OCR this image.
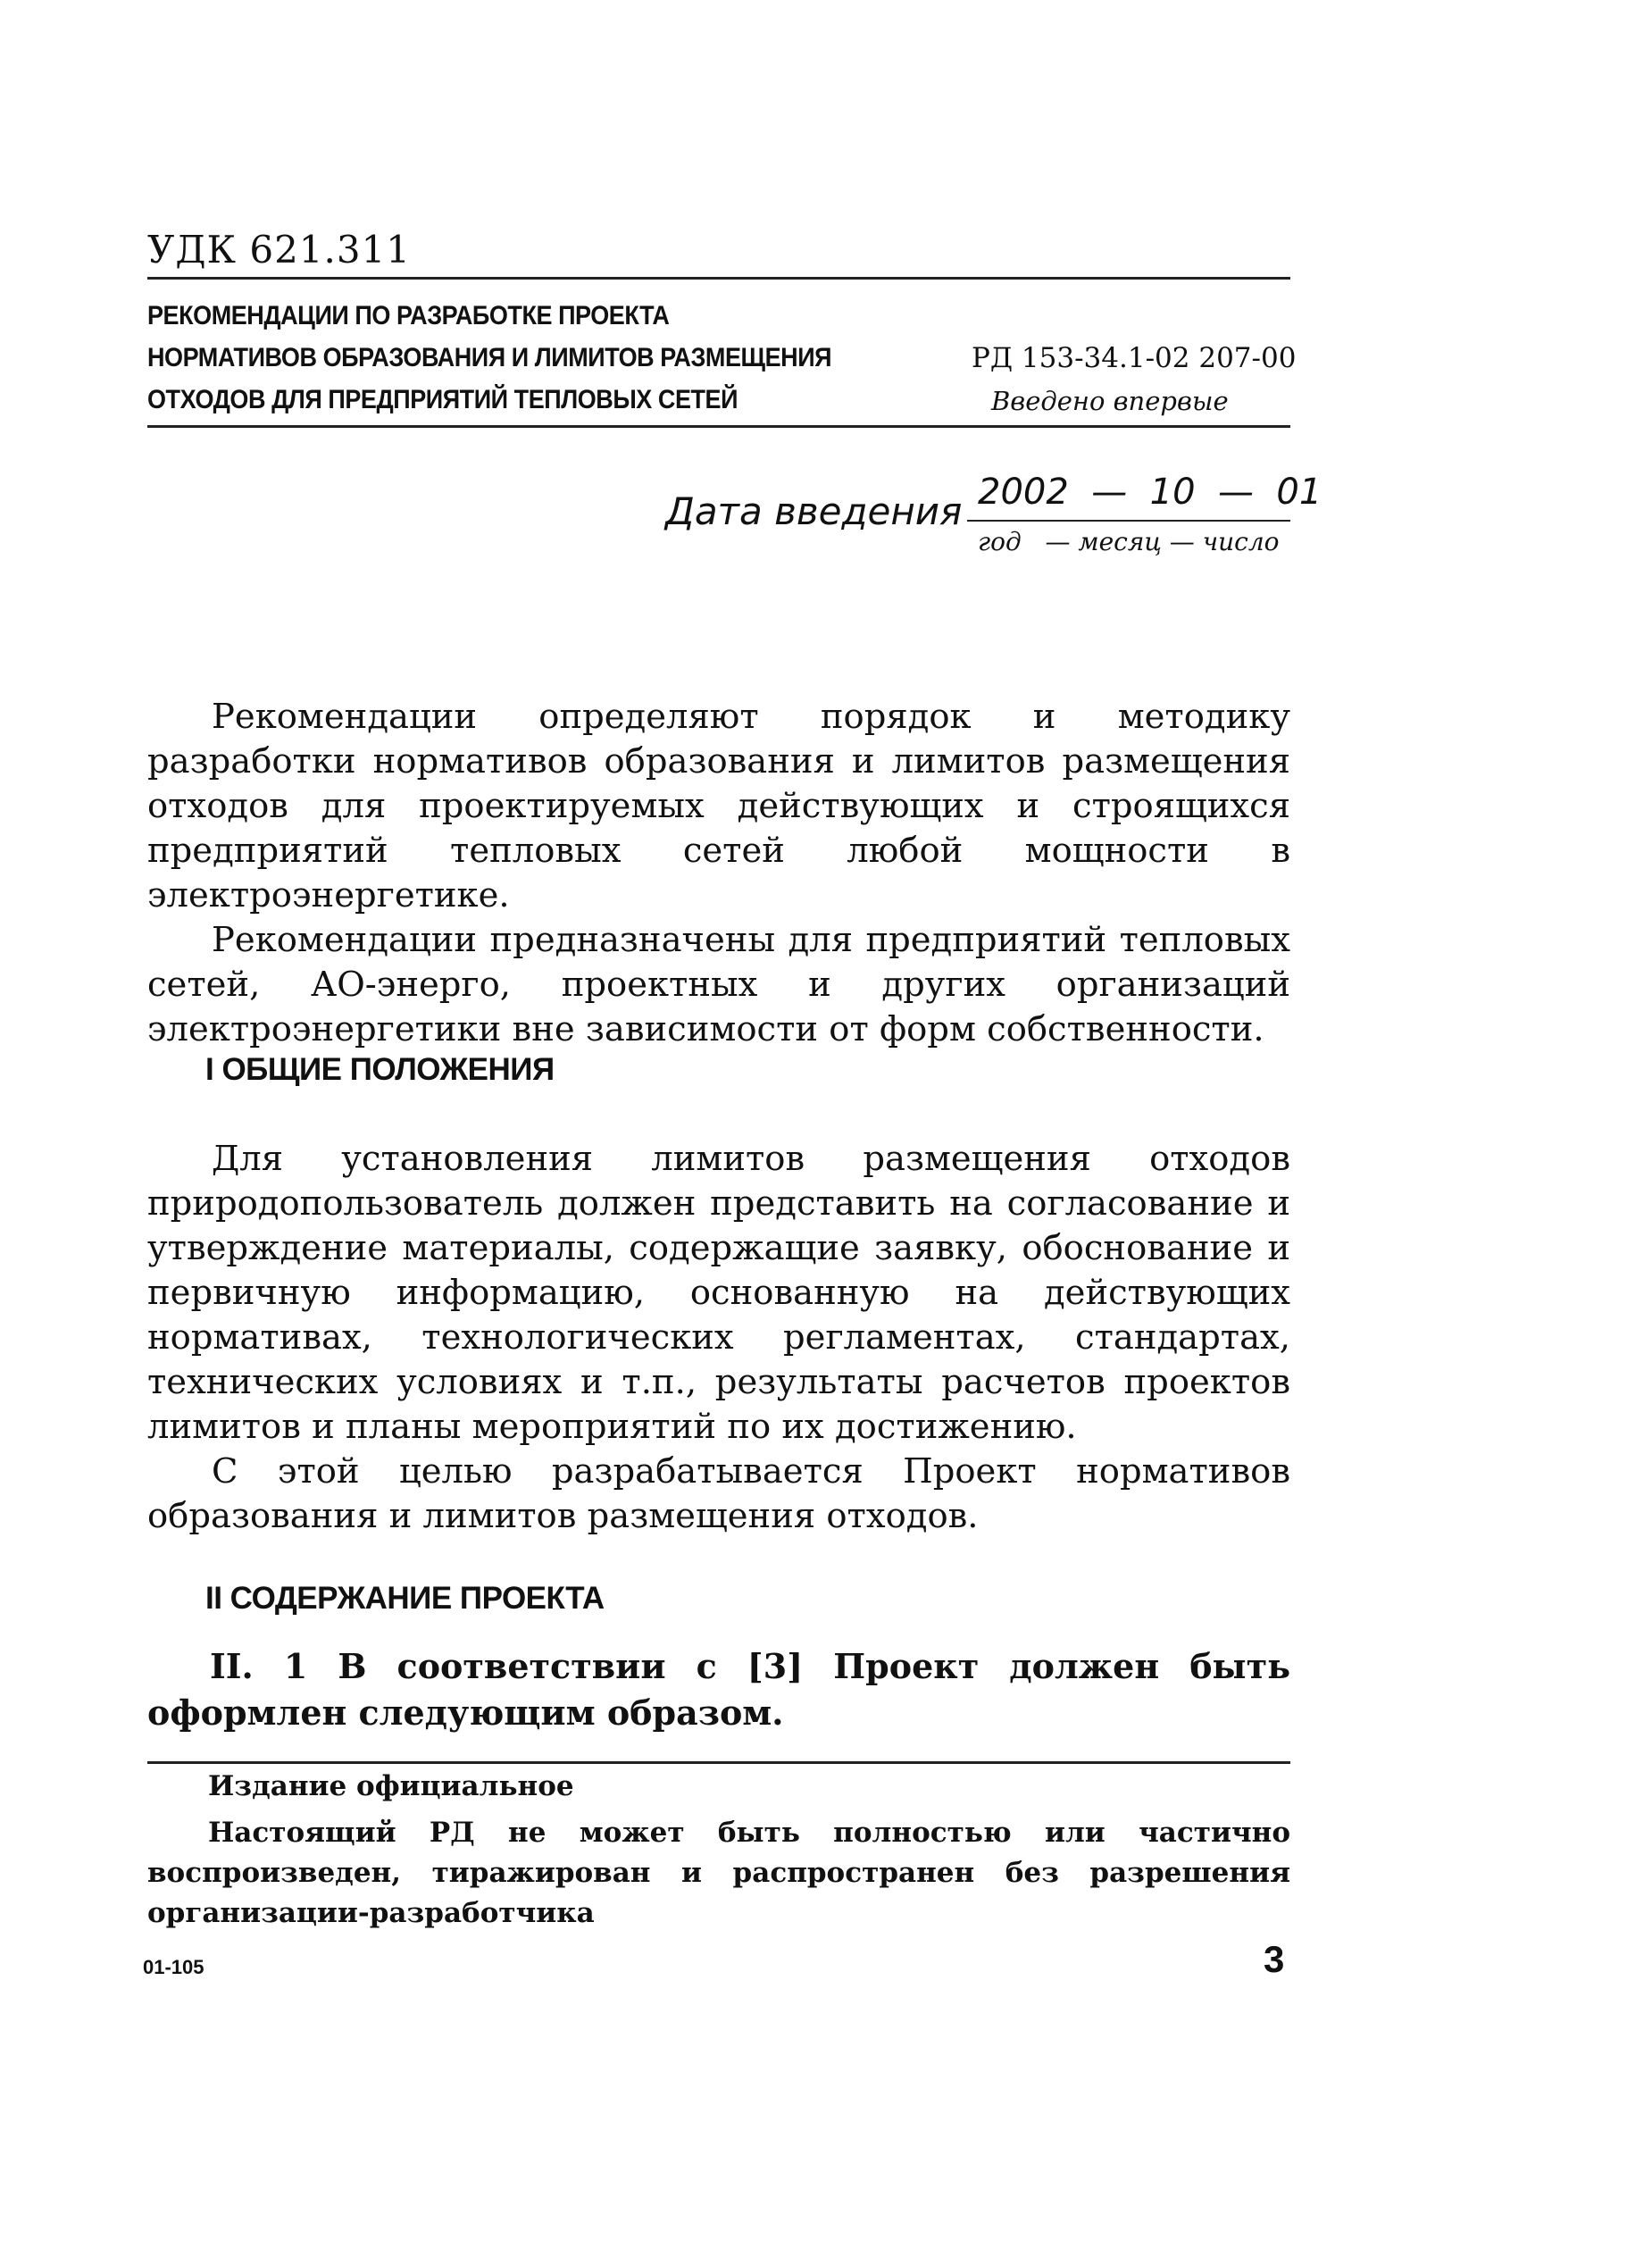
УДК 621.311
РЕКОМЕНДАЦИИ ПО РАЗРАБОТКЕ ПРОЕКТА
НОРМАТИВОВ ОБРАЗОВАНИЯ И ЛИМИТОВ РАЗМЕЩЕНИЯ
ОТХОДОВ ДЛЯ ПРЕДПРИЯТИЙ ТЕПЛОВЫХ СЕТЕЙ
РД 153-34.1-02 207-00
Введено впервые
Дата введения 2002  —  10  —  01
год   — месяц — число

Рекомендации определяют порядок и методику разработки нормативов образования и лимитов размещения отходов для проектируемых действующих и строящихся предприятий тепловых сетей любой мощности в электроэнергетике.

Рекомендации предназначены для предприятий тепловых сетей, АО-энерго, проектных и других организаций электроэнергетики вне зависимости от форм собственности.

I ОБЩИЕ ПОЛОЖЕНИЯ

Для установления лимитов размещения отходов природопользователь должен представить на согласование и утверждение материалы, содержащие заявку, обоснование и первичную информацию, основанную на действующих нормативах, технологических регламентах, стандартах, технических условиях и т.п., результаты расчетов проектов лимитов и планы мероприятий по их достижению.

С этой целью разрабатывается Проект нормативов образования и лимитов размещения отходов.

II СОДЕРЖАНИЕ ПРОЕКТА

II. 1 В соответствии с [3] Проект должен быть оформлен следующим образом.

Издание официальное

Настоящий РД не может быть полностью или частично воспроизведен, тиражирован и распространен без разрешения организации-разработчика

01-105	3
